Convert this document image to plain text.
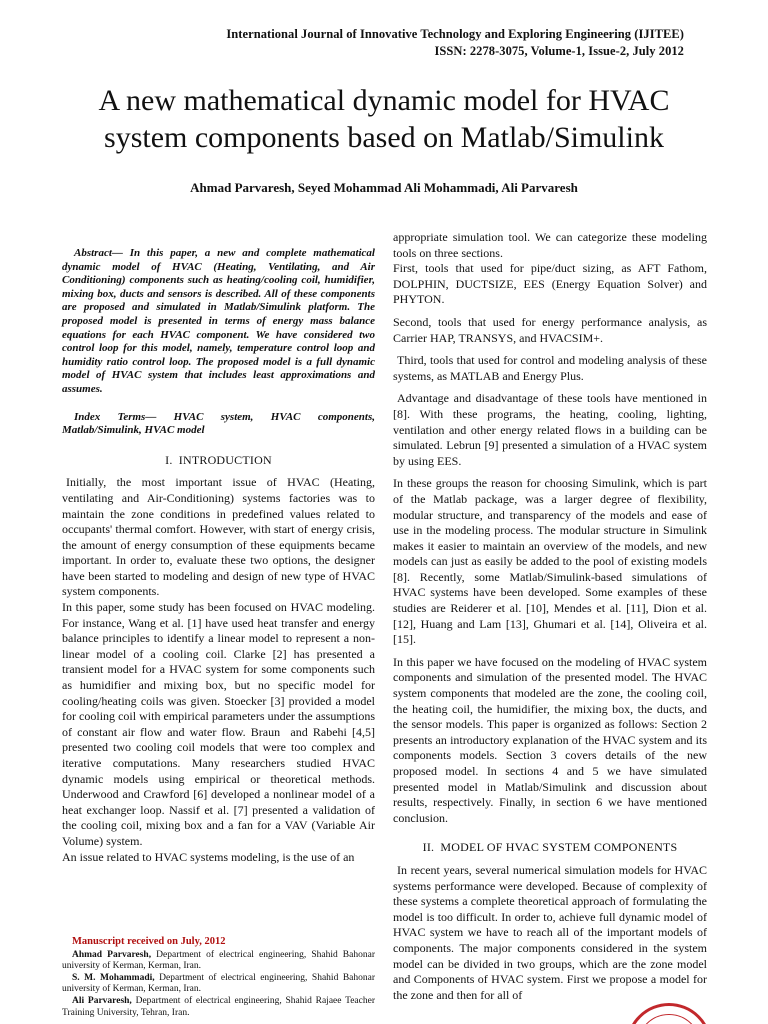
International Journal of Innovative Technology and Exploring Engineering (IJITEE)
ISSN: 2278-3075, Volume-1, Issue-2, July 2012
A new mathematical dynamic model for HVAC
system components based on Matlab/Simulink
Ahmad Parvaresh, Seyed Mohammad Ali Mohammadi, Ali Parvaresh

Abstract— In this paper, a new and complete mathematical dynamic model of HVAC (Heating, Ventilating, and Air Conditioning) components such as heating/cooling coil, humidifier, mixing box, ducts and sensors is described. All of these components are proposed and simulated in Matlab/Simulink platform. The proposed model is presented in terms of energy mass balance equations for each HVAC component. We have considered two control loop for this model, namely, temperature control loop and humidity ratio control loop. The proposed model is a full dynamic model of HVAC system that includes least approximations and assumes.

Index Terms— HVAC system, HVAC components, Matlab/Simulink, HVAC model

I. INTRODUCTION

Initially, the most important issue of HVAC (Heating, ventilating and Air-Conditioning) systems factories was to maintain the zone conditions in predefined values related to occupants' thermal comfort. However, with start of energy crisis, the amount of energy consumption of these equipments became important. In order to, evaluate these two options, the designer have been started to modeling and design of new type of HVAC system components.

In this paper, some study has been focused on HVAC modeling. For instance, Wang et al. [1] have used heat transfer and energy balance principles to identify a linear model to represent a non-linear model of a cooling coil. Clarke [2] has presented a transient model for a HVAC system for some components such as humidifier and mixing box, but no specific model for cooling/heating coils was given. Stoecker [3] provided a model for cooling coil with empirical parameters under the assumptions of constant air flow and water flow. Braun  and Rabehi [4,5] presented two cooling coil models that were too complex and iterative computations. Many researchers studied HVAC dynamic models using empirical or theoretical methods. Underwood and Crawford [6] developed a nonlinear model of a heat exchanger loop. Nassif et al. [7] presented a validation of the cooling coil, mixing box and a fan for a VAV (Variable Air Volume) system.

An issue related to HVAC systems modeling, is the use of an

Manuscript received on July, 2012

Ahmad Parvaresh, Department of electrical engineering, Shahid Bahonar university of Kerman, Kerman, Iran.

S. M. Mohammadi, Department of electrical engineering, Shahid Bahonar university of Kerman, Kerman, Iran.

Ali Parvaresh, Department of electrical engineering, Shahid Rajaee Teacher Training University, Tehran, Iran.

appropriate simulation tool. We can categorize these modeling tools on three sections.

First, tools that used for pipe/duct sizing, as AFT Fathom, DOLPHIN, DUCTSIZE, EES (Energy Equation Solver) and PHYTON.

Second, tools that used for energy performance analysis, as Carrier HAP, TRANSYS, and HVACSIM+.

Third, tools that used for control and modeling analysis of these systems, as MATLAB and Energy Plus.

Advantage and disadvantage of these tools have mentioned in [8]. With these programs, the heating, cooling, lighting, ventilation and other energy related flows in a building can be simulated. Lebrun [9] presented a simulation of a HVAC system by using EES.

In these groups the reason for choosing Simulink, which is part of the Matlab package, was a larger degree of flexibility, modular structure, and transparency of the models and ease of use in the modeling process. The modular structure in Simulink makes it easier to maintain an overview of the models, and new models can just as easily be added to the pool of existing models [8]. Recently, some Matlab/Simulink-based simulations of HVAC systems have been developed. Some examples of these studies are Reiderer et al. [10], Mendes et al. [11], Dion et al. [12], Huang and Lam [13], Ghumari et al. [14], Oliveira et al. [15].

In this paper we have focused on the modeling of HVAC system components and simulation of the presented model. The HVAC system components that modeled are the zone, the cooling coil, the heating coil, the humidifier, the mixing box, the ducts, and the sensor models. This paper is organized as follows: Section 2 presents an introductory explanation of the HVAC system and its components models. Section 3 covers details of the new proposed model. In sections 4 and 5 we have simulated presented model in Matlab/Simulink and discussion about results, respectively. Finally, in section 6 we have mentioned conclusion.

II. MODEL OF HVAC SYSTEM COMPONENTS

In recent years, several numerical simulation models for HVAC systems performance were developed. Because of complexity of these systems a complete theoretical approach of formulating the model is too difficult. In order to, achieve full dynamic model of HVAC system we have to reach all of the important models of components. The major components considered in the system model can be divided in two groups, which are the zone model and Components of HVAC system. First we propose a model for the zone and then for all of
